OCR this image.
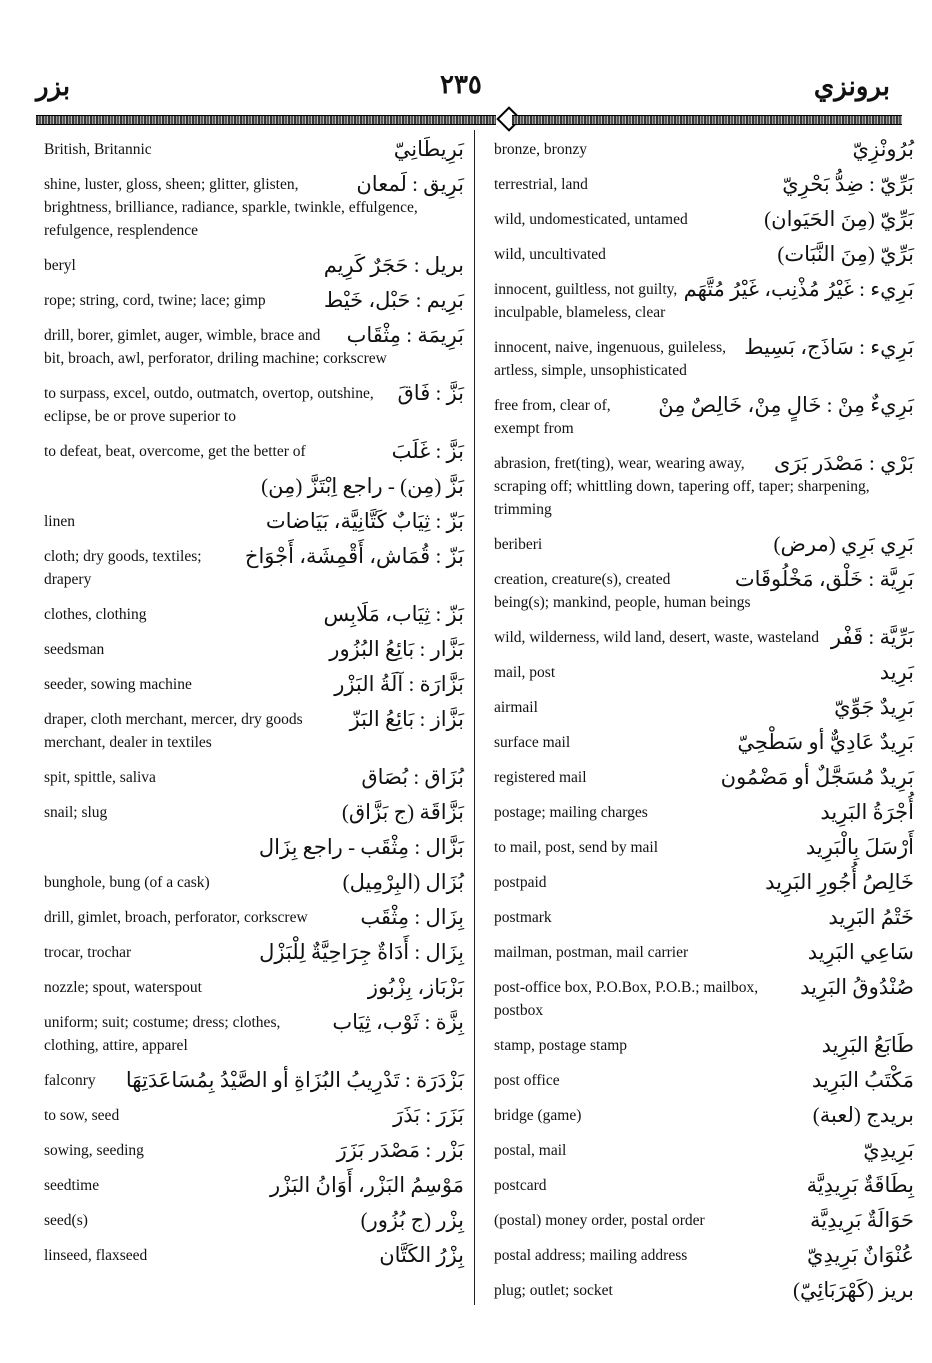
برونزي
٢٣٥
بزر
بَرِيطَانِيّ
British, Britannic
بَرِيق : لَمعان
shine, luster, gloss, sheen; glitter, glisten, brightness, brilliance, radiance, sparkle, twinkle, effulgence, refulgence, resplendence
بريل : حَجَرٌ كَرِيم
beryl
بَرِيم : حَبْل، خَيْط
rope; string, cord, twine; lace; gimp
بَرِيمَة : مِثْقَاب
drill, borer, gimlet, auger, wimble, brace and bit, broach, awl, perforator, driling machine; corkscrew
بَزَّ : فَاقَ
to surpass, excel, outdo, outmatch, overtop, outshine, eclipse, be or prove superior to
بَزَّ : غَلَبَ
to defeat, beat, overcome, get the better of
بَزَّ (مِن) - راجع اِبْتَزَّ (مِن)
بَزّ : ثِيَابٌ كَتَّانِيَّة، بَيَاضات
linen
بَزّ : قُمَاش، أَقْمِشَة، أَجْوَاخ
cloth; dry goods, textiles; drapery
بَزّ : ثِيَاب، مَلَابِس
clothes, clothing
بَزَّار : بَائِعُ البُزُور
seedsman
بَزَّارَة : آلَةُ البَزْر
seeder, sowing machine
بَزَّاز : بَائِعُ البَزّ
draper, cloth merchant, mercer, dry goods merchant, dealer in textiles
بُزَاق : بُصَاق
spit, spittle, saliva
بَزَّاقَة (ج بَزَّاق)
snail; slug
بَزَّال : مِثْقَب - راجع بِزَال
بُزَال (البِرْمِيل)
bunghole, bung (of a cask)
بِزَال : مِثْقَب
drill, gimlet, broach, perforator, corkscrew
بِزَال : أَدَاةٌ جِرَاحِيَّةٌ لِلْبَزْل
trocar, trochar
بَزْبَاز، بِزْبُوز
nozzle; spout, waterspout
بِزَّة : ثَوْب، ثِيَاب
uniform; suit; costume; dress; clothes, clothing, attire, apparel
بَزْدَرَة : تَدْرِيبُ البُزَاةِ أو الصَّيْدُ بِمُسَاعَدَتِهَا
falconry
بَزَرَ : بَذَرَ
to sow, seed
بَزْر : مَصْدَر بَزَرَ
sowing, seeding
مَوْسِمُ البَزْر، أَوَانُ البَزْر
seedtime
بِزْر (ج بُزُور)
seed(s)
بِزْرُ الكَتَّان
linseed, flaxseed
بُرُونْزِيّ
bronze, bronzy
بَرِّيّ : ضِدُّ بَحْرِيّ
terrestrial, land
بَرِّيّ (مِنَ الحَيَوان)
wild, undomesticated, untamed
بَرِّيّ (مِنَ النَّبَات)
wild, uncultivated
بَرِيء : غَيْرُ مُذْنِب، غَيْرُ مُتَّهَم
innocent, guiltless, not guilty, inculpable, blameless, clear
بَرِيء : سَاذَج، بَسِيط
innocent, naive, ingenuous, guileless, artless, simple, unsophisticated
بَرِيءٌ مِنْ : خَالٍ مِنْ، خَالِصٌ مِنْ
free from, clear of, exempt from
بَرْي : مَصْدَر بَرَى
abrasion, fret(ting), wear, wearing away, scraping off; whittling down, tapering off, taper; sharpening, trimming
بَرِي بَرِي (مرض)
beriberi
بَرِيَّة : خَلْق، مَخْلُوقَات
creation, creature(s), created being(s); mankind, people, human beings
بَرِّيَّة : قَفْر
wild, wilderness, wild land, desert, waste, wasteland
بَرِيد
mail, post
بَرِيدٌ جَوِّيّ
airmail
بَرِيدٌ عَادِيٌّ أو سَطْحِيّ
surface mail
بَرِيدٌ مُسَجَّلٌ أو مَضْمُون
registered mail
أُجْرَةُ البَرِيد
postage; mailing charges
أَرْسَلَ بِالْبَرِيد
to mail, post, send by mail
خَالِصُ أُجُورِ البَرِيد
postpaid
خَتْمُ البَرِيد
postmark
سَاعِي البَرِيد
mailman, postman, mail carrier
صُنْدُوقُ البَرِيد
post-office box, P.O.Box, P.O.B.; mailbox, postbox
طَابَعُ البَرِيد
stamp, postage stamp
مَكْتَبُ البَرِيد
post office
بريدج (لعبة)
bridge (game)
بَرِيدِيّ
postal, mail
بِطَاقَةٌ بَرِيدِيَّة
postcard
حَوَالَةٌ بَرِيدِيَّة
(postal) money order, postal order
عُنْوَانٌ بَرِيدِيّ
postal address; mailing address
بريز (كَهْرَبَائِيّ)
plug; outlet; socket
